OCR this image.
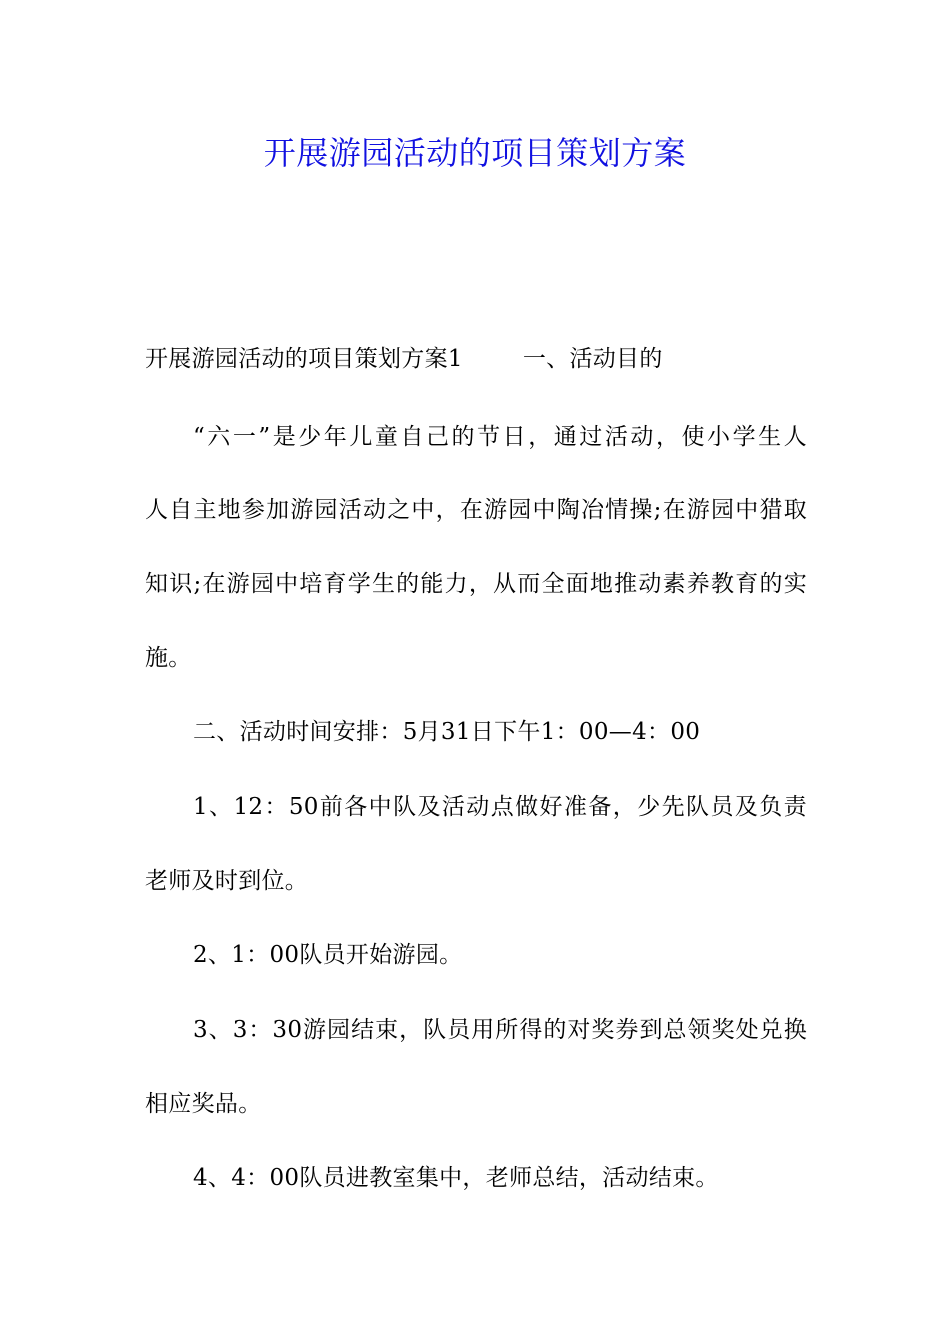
开展游园活动的项目策划方案
开展游园活动的项目策划方案1	一、活动目的
“六一”是少年儿童自己的节日，通过活动，使小学生人
人自主地参加游园活动之中，在游园中陶冶情操;在游园中猎取
知识;在游园中培育学生的能力，从而全面地推动素养教育的实
施。
二、活动时间安排：5月31日下午1：00—4：00
1、12：50前各中队及活动点做好准备，少先队员及负责
老师及时到位。
2、1：00队员开始游园。
3、3：30游园结束，队员用所得的对奖券到总领奖处兑换
相应奖品。
4、4：00队员进教室集中，老师总结，活动结束。
